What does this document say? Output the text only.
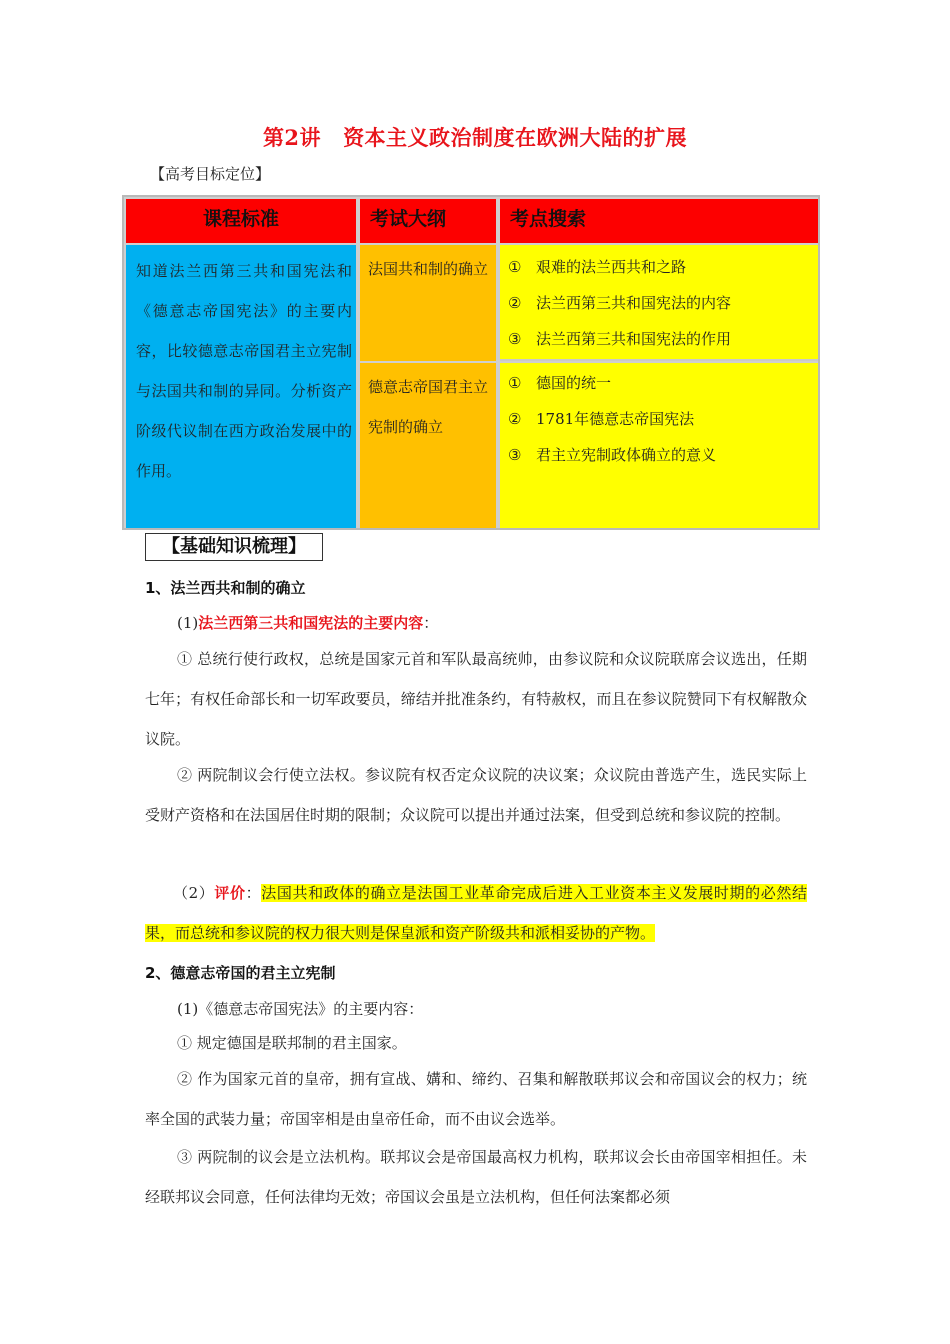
第2讲 资本主义政治制度在欧洲大陆的扩展
【高考目标定位】
课程标准	考试大纲	考点搜索
知道法兰西第三共和国宪法和《德意志帝国宪法》的主要内容，比较德意志帝国君主立宪制与法国共和制的异同。分析资产阶级代议制在西方政治发展中的作用。
法国共和制的确立
德意志帝国君主立宪制的确立
① 艰难的法兰西共和之路
② 法兰西第三共和国宪法的内容
③ 法兰西第三共和国宪法的作用
① 德国的统一
② 1781年德意志帝国宪法
③ 君主立宪制政体确立的意义
【基础知识梳理】
1、法兰西共和制的确立
(1)法兰西第三共和国宪法的主要内容：
① 总统行使行政权，总统是国家元首和军队最高统帅，由参议院和众议院联席会议选出，任期七年；有权任命部长和一切军政要员，缔结并批准条约，有特赦权，而且在参议院赞同下有权解散众议院。
② 两院制议会行使立法权。参议院有权否定众议院的决议案；众议院由普选产生，选民实际上受财产资格和在法国居住时期的限制；众议院可以提出并通过法案，但受到总统和参议院的控制。
（2）评价：法国共和政体的确立是法国工业革命完成后进入工业资本主义发展时期的必然结果，而总统和参议院的权力很大则是保皇派和资产阶级共和派相妥协的产物。
2、德意志帝国的君主立宪制
(1)《德意志帝国宪法》的主要内容：
① 规定德国是联邦制的君主国家。
② 作为国家元首的皇帝，拥有宣战、媾和、缔约、召集和解散联邦议会和帝国议会的权力；统率全国的武装力量；帝国宰相是由皇帝任命，而不由议会选举。
③ 两院制的议会是立法机构。联邦议会是帝国最高权力机构，联邦议会长由帝国宰相担任。未经联邦议会同意，任何法律均无效；帝国议会虽是立法机构，但任何法案都必须
